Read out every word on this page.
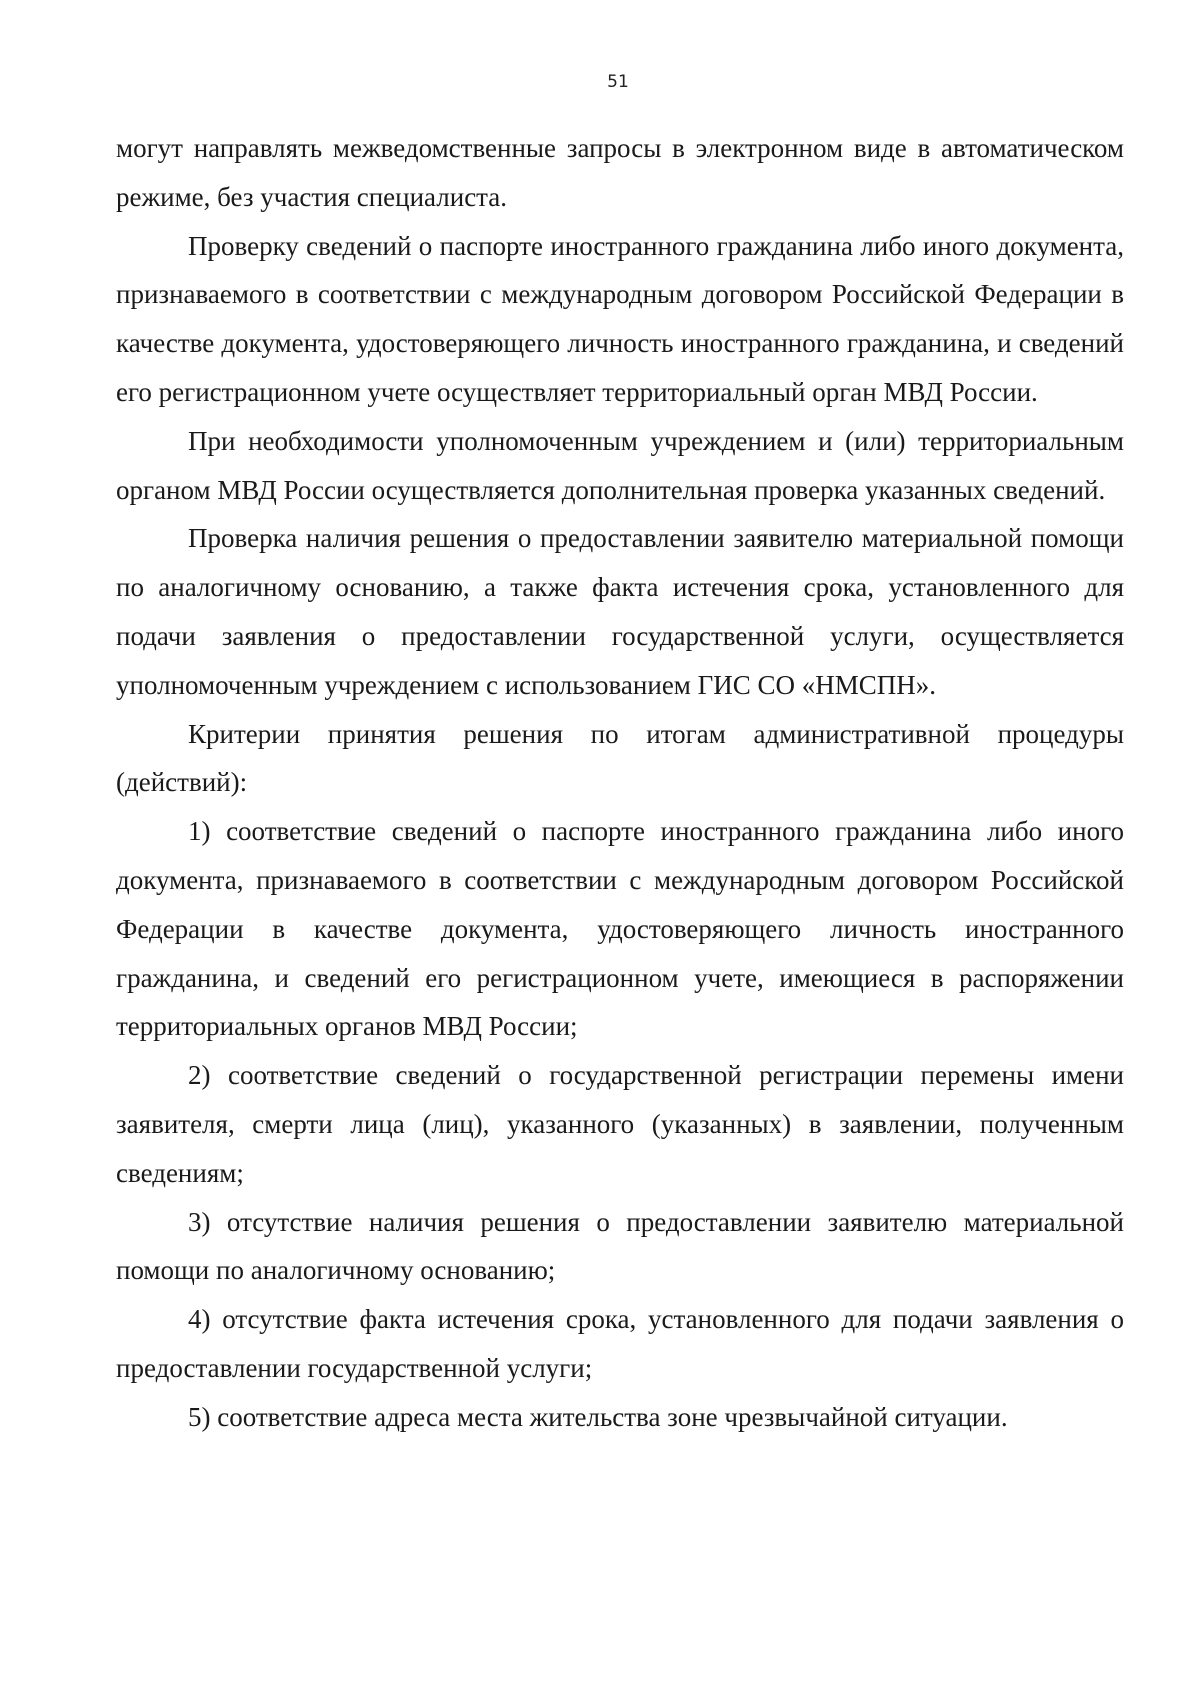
51

могут направлять межведомственные запросы в электронном виде в автоматическом режиме, без участия специалиста.

Проверку сведений о паспорте иностранного гражданина либо иного документа, признаваемого в соответствии с международным договором Российской Федерации в качестве документа, удостоверяющего личность иностранного гражданина, и сведений его регистрационном учете осуществляет территориальный орган МВД России.

При необходимости уполномоченным учреждением и (или) территориальным органом МВД России осуществляется дополнительная проверка указанных сведений.

Проверка наличия решения о предоставлении заявителю материальной помощи по аналогичному основанию, а также факта истечения срока, установленного для подачи заявления о предоставлении государственной услуги, осуществляется уполномоченным учреждением с использованием ГИС СО «НМСПН».

Критерии принятия решения по итогам административной процедуры (действий):

1) соответствие сведений о паспорте иностранного гражданина либо иного документа, признаваемого в соответствии с международным договором Российской Федерации в качестве документа, удостоверяющего личность иностранного гражданина, и сведений его регистрационном учете, имеющиеся в распоряжении территориальных органов МВД России;

2) соответствие сведений о государственной регистрации перемены имени заявителя, смерти лица (лиц), указанного (указанных) в заявлении, полученным сведениям;

3) отсутствие наличия решения о предоставлении заявителю материальной помощи по аналогичному основанию;

4) отсутствие факта истечения срока, установленного для подачи заявления о предоставлении государственной услуги;

5) соответствие адреса места жительства зоне чрезвычайной ситуации.
